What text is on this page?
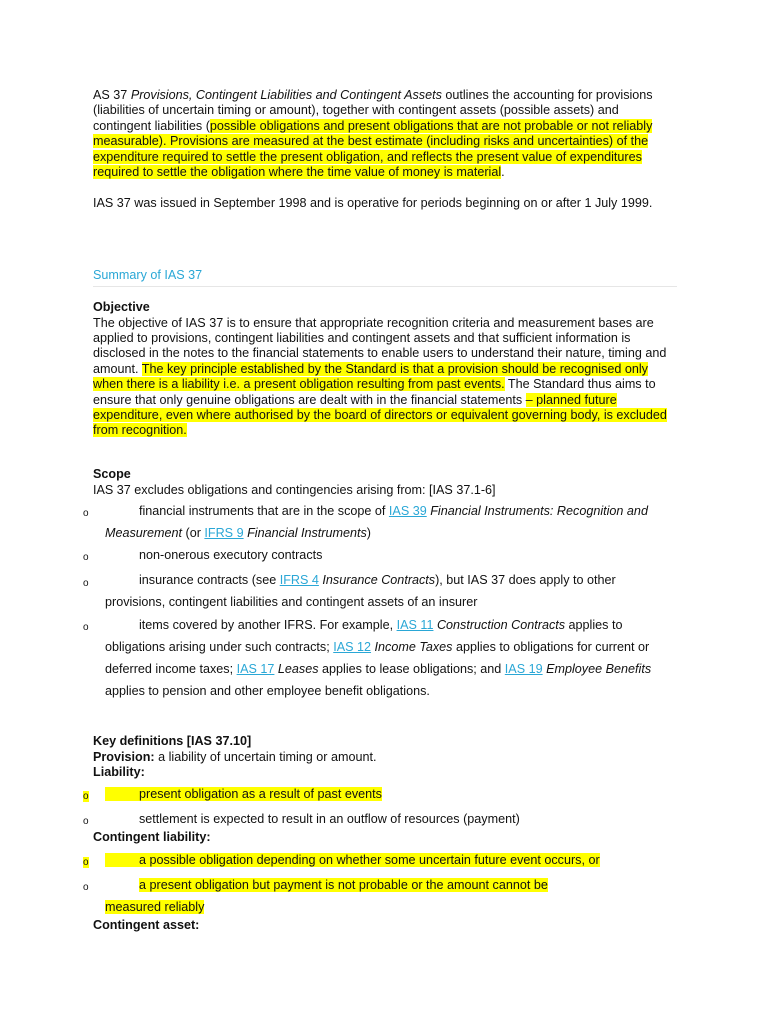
AS 37 Provisions, Contingent Liabilities and Contingent Assets outlines the accounting for provisions (liabilities of uncertain timing or amount), together with contingent assets (possible assets) and contingent liabilities (possible obligations and present obligations that are not probable or not reliably measurable). Provisions are measured at the best estimate (including risks and uncertainties) of the expenditure required to settle the present obligation, and reflects the present value of expenditures required to settle the obligation where the time value of money is material.

IAS 37 was issued in September 1998 and is operative for periods beginning on or after 1 July 1999.

Summary of IAS 37

Objective

The objective of IAS 37 is to ensure that appropriate recognition criteria and measurement bases are applied to provisions, contingent liabilities and contingent assets and that sufficient information is disclosed in the notes to the financial statements to enable users to understand their nature, timing and amount. The key principle established by the Standard is that a provision should be recognised only when there is a liability i.e. a present obligation resulting from past events. The Standard thus aims to ensure that only genuine obligations are dealt with in the financial statements – planned future expenditure, even where authorised by the board of directors or equivalent governing body, is excluded from recognition.

Scope

IAS 37 excludes obligations and contingencies arising from: [IAS 37.1-6]

o	financial instruments that are in the scope of IAS 39 Financial Instruments: Recognition and Measurement (or IFRS 9 Financial Instruments)
o	non-onerous executory contracts
o	insurance contracts (see IFRS 4 Insurance Contracts), but IAS 37 does apply to other provisions, contingent liabilities and contingent assets of an insurer
o	items covered by another IFRS. For example, IAS 11 Construction Contracts applies to obligations arising under such contracts; IAS 12 Income Taxes applies to obligations for current or deferred income taxes; IAS 17 Leases applies to lease obligations; and IAS 19 Employee Benefits applies to pension and other employee benefit obligations.

Key definitions [IAS 37.10]

Provision: a liability of uncertain timing or amount.

Liability:

o	present obligation as a result of past events
o	settlement is expected to result in an outflow of resources (payment)

Contingent liability:

o	a possible obligation depending on whether some uncertain future event occurs, or
o	a present obligation but payment is not probable or the amount cannot be
measured reliably

Contingent asset:
